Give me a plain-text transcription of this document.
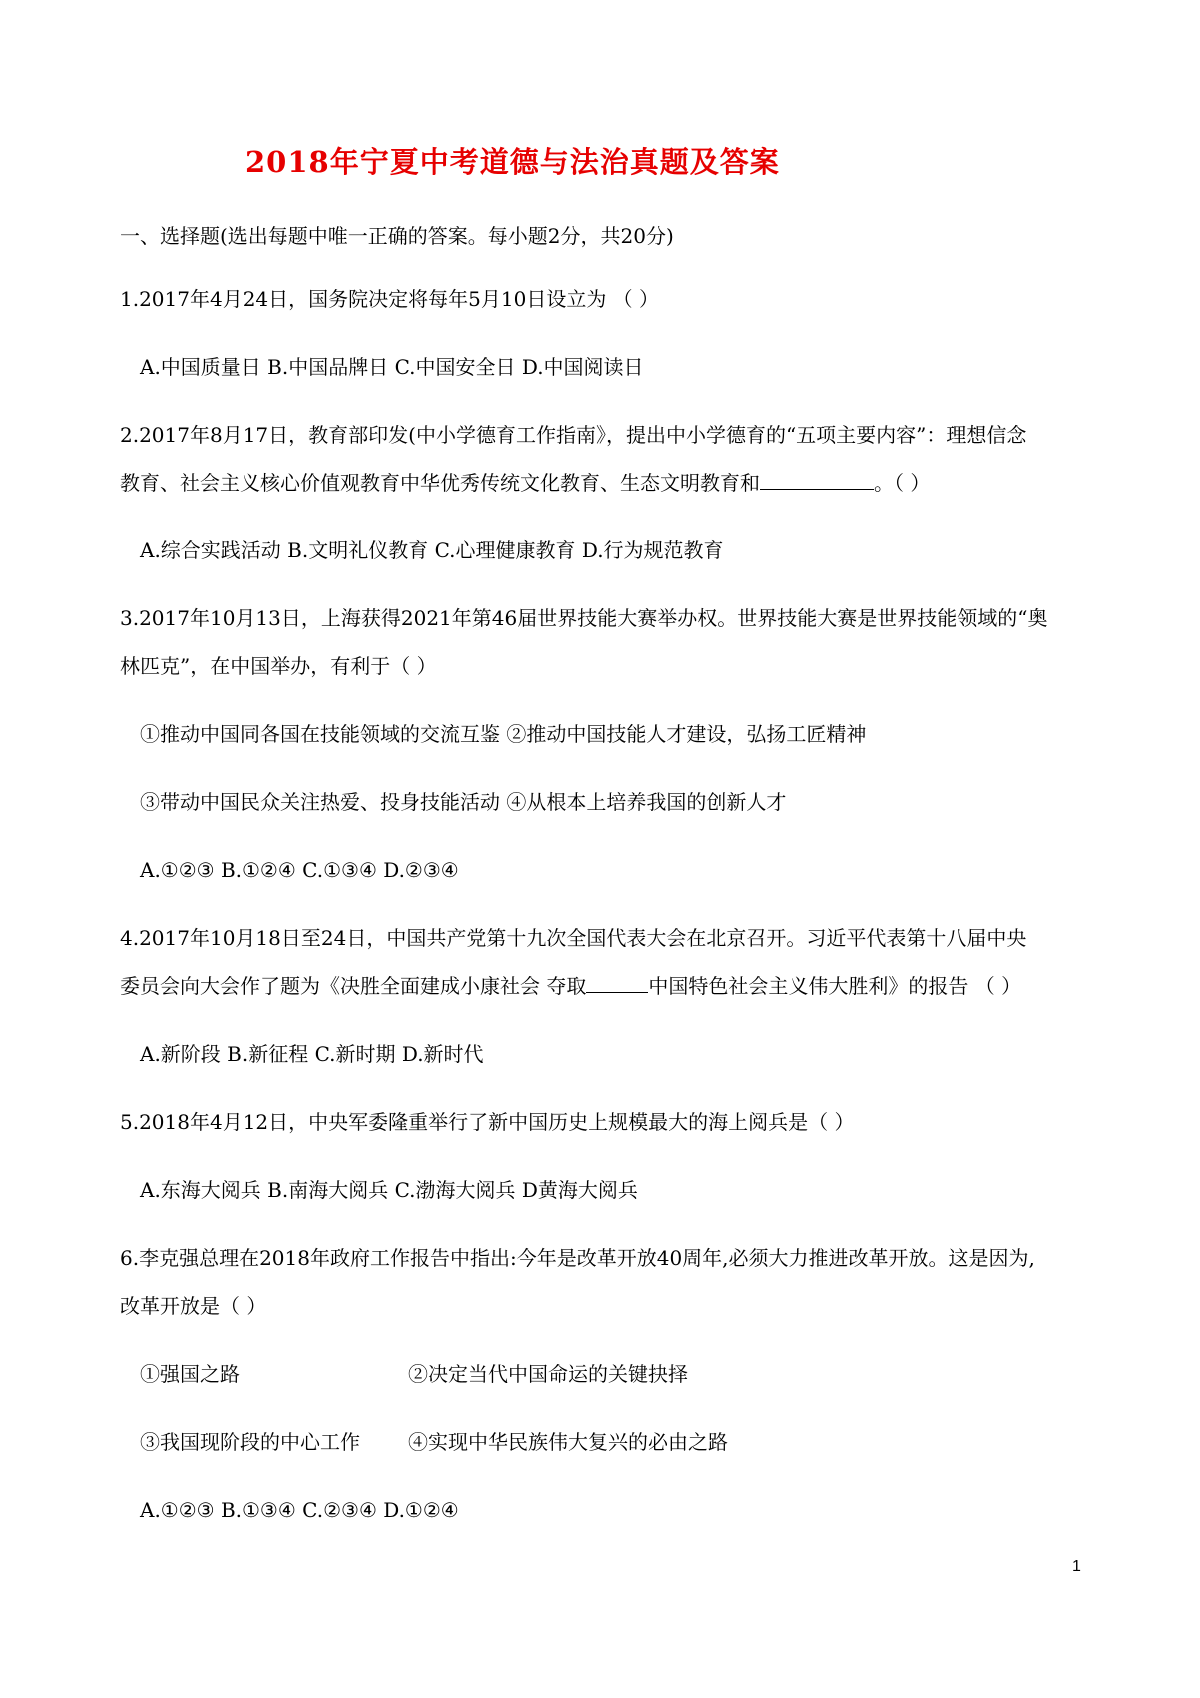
2018年宁夏中考道德与法治真题及答案
一、选择题(选出每题中唯一正确的答案。每小题2分，共20分)
1.2017年4月24日，国务院决定将每年5月10日设立为 （ ）
A.中国质量日 B.中国品牌日 C.中国安全日 D.中国阅读日
2.2017年8月17日，教育部印发(中小学德育工作指南》，提出中小学德育的“五项主要内容”：理想信念
教育、社会主义核心价值观教育中华优秀传统文化教育、生态文明教育和	。（ ）
A.综合实践活动 B.文明礼仪教育 C.心理健康教育 D.行为规范教育
3.2017年10月13日，上海获得2021年第46届世界技能大赛举办权。世界技能大赛是世界技能领域的“奥
林匹克”，在中国举办，有利于（ ）
①推动中国同各国在技能领域的交流互鉴 ②推动中国技能人才建设，弘扬工匠精神
③带动中国民众关注热爱、投身技能活动 ④从根本上培养我国的创新人才
A.①②③ B.①②④ C.①③④ D.②③④
4.2017年10月18日至24日，中国共产党第十九次全国代表大会在北京召开。习近平代表第十八届中央
委员会向大会作了题为《决胜全面建成小康社会 夺取	中国特色社会主义伟大胜利》的报告 （ ）
A.新阶段 B.新征程 C.新时期 D.新时代
5.2018年4月12日，中央军委隆重举行了新中国历史上规模最大的海上阅兵是（ ）
A.东海大阅兵 B.南海大阅兵 C.渤海大阅兵 D黄海大阅兵
6.李克强总理在2018年政府工作报告中指出:今年是改革开放40周年,必须大力推进改革开放。这是因为,
改革开放是（ ）
①强国之路	②决定当代中国命运的关键抉择
③我国现阶段的中心工作 ④实现中华民族伟大复兴的必由之路
A.①②③ B.①③④ C.②③④ D.①②④
1
